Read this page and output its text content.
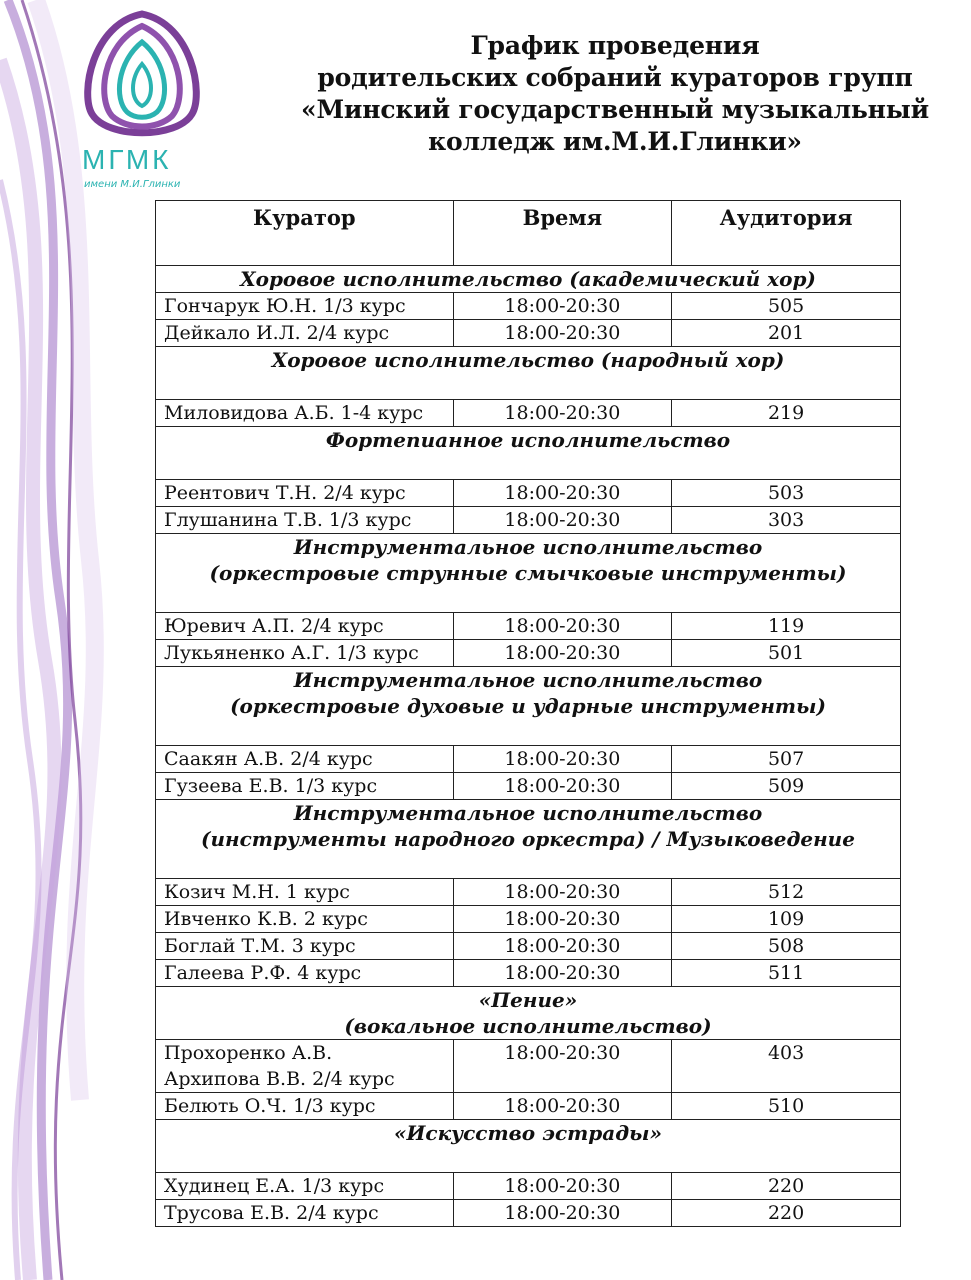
МГМК
имени М.И.Глинки
График проведения
родительских собраний кураторов групп
«Минский государственный музыкальный
колледж им.М.И.Глинки»
Куратор	Время	Аудитория

Хоровое исполнительство (академический хор)		

Гончарук Ю.Н. 1/3 курс	18:00-20:30	505
Дейкало И.Л. 2/4 курс	18:00-20:30	201

Хоровое исполнительство (народный хор)		

Миловидова А.Б. 1-4 курс	18:00-20:30	219

Фортепианное исполнительство		

Реентович Т.Н. 2/4 курс	18:00-20:30	503
Глушанина Т.В. 1/3 курс	18:00-20:30	303

Инструментальное исполнительство
(оркестровые струнные смычковые инструменты)		

Юревич А.П. 2/4 курс	18:00-20:30	119
Лукьяненко А.Г. 1/3 курс	18:00-20:30	501

Инструментальное исполнительство
(оркестровые духовые и ударные инструменты)		

Саакян А.В. 2/4 курс	18:00-20:30	507
Гузеева Е.В. 1/3 курс	18:00-20:30	509

Инструментальное исполнительство
(инструменты народного оркестра) / Музыковедение		

Козич М.Н. 1 курс	18:00-20:30	512
Ивченко К.В. 2 курс	18:00-20:30	109
Боглай Т.М. 3 курс	18:00-20:30	508
Галеева Р.Ф. 4 курс	18:00-20:30	511

«Пение»
(вокальное исполнительство)		

Прохоренко А.В.
Архипова В.В. 2/4 курс	18:00-20:30	403
Белють О.Ч. 1/3 курс	18:00-20:30	510

«Искусство эстрады»		

Худинец Е.А. 1/3 курс	18:00-20:30	220
Трусова Е.В. 2/4 курс	18:00-20:30	220
